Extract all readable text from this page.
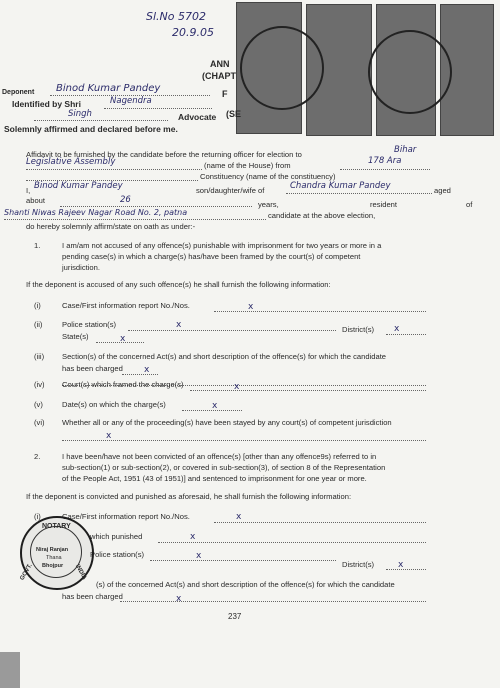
Sl.No 5702
20.9.05
ANN
(CHAPT
F
(SE
Deponent Binod Kumar Pandey
Identified by Shri	Nagendra
Singh	Advocate
Solemnly affirmed and declared before me.
Affidavit to be furnished by the candidate before the returning officer for election to	Bihar
Legislative Assembly	(name of the House) from	178 Ara
Constituency (name of the constituency)
I, Binod Kumar Pandey	son/daughter/wife of	Chandra Kumar Pandey	aged
about	26	years,	resident	of
Shanti Niwas Rajeev Nagar Road No. 2, patna	candidate at the above election,
do hereby solemnly affirm/state on oath as under:-
1.	I am/am not accused of any offence(s) punishable with imprisonment for two years or more in a
pending case(s) in which a charge(s) has/have been framed by the court(s) of competent
jurisdiction.
If the deponent is accused of any such offence(s) he shall furnish the following information:
(i)	Case/First information report No./Nos.	x
(ii)	Police station(s)	x	District(s) x
State(s)	x
(iii) Section(s) of the concerned Act(s) and short description of the offence(s) for which the candidate
has been charged x
(iv) Court(s) which framed the charge(s)	x
(v)	Date(s) on which the charge(s)	x
(vi) Whether all or any of the proceeding(s) have been stayed by any court(s) of competent jurisdiction
x
2.	I have been/have not been convicted of an offence(s) [other than any offence9s) referred to in
sub-section(1) or sub-section(2), or covered in sub-section(3), of section 8 of the Representation
of the People Act, 1951 (43 of 1951)] and sentenced to imprisonment for one year or more.
If the deponent is convicted and punished as aforesaid, he shall furnish the following information:
(i)	Case/First information report No./Nos.	x
which punished	x
Police station(s)	x
District(s)	x
(s) of the concerned Act(s) and short description of the offence(s) for which the candidate
has been charged	x
NOTARY
Niraj Ranjan
Thana
Bhojpur
GOVT.	INDIA
237
